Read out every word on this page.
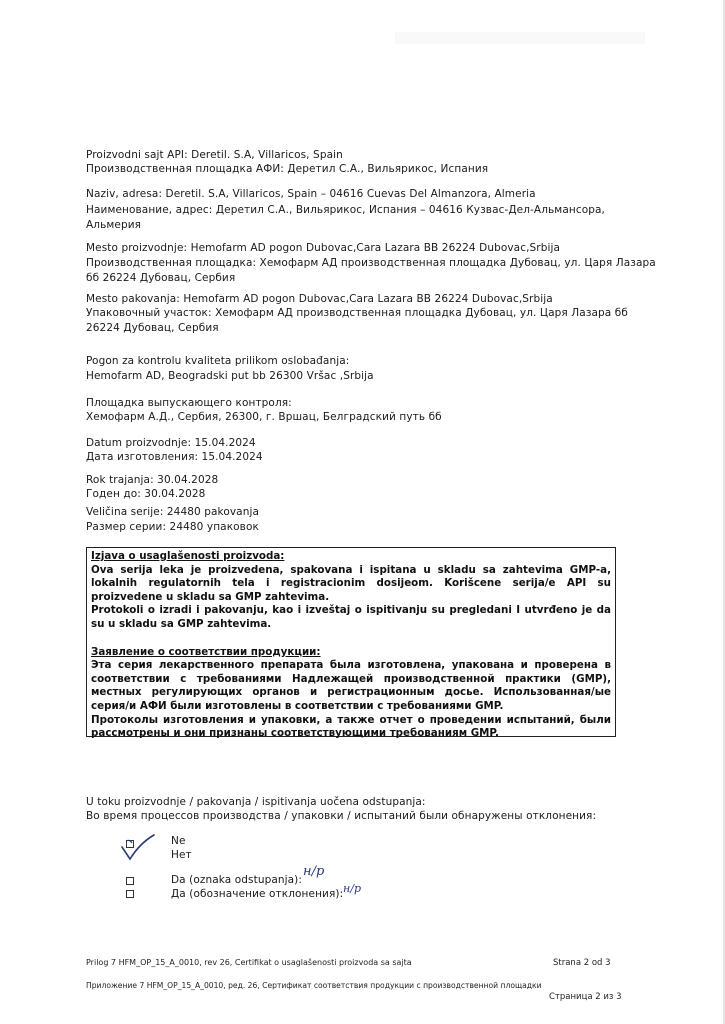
Proizvodni sajt API: Deretil. S.A, Villaricos, Spain
Производственная площадка АФИ: Деретил С.А., Вильярикос, Испания
Naziv, adresa: Deretil. S.A, Villaricos, Spain – 04616 Cuevas Del Almanzora, Almeria
Наименование, адрес: Деретил С.А., Вильярикос, Испания – 04616 Кузвас-Дел-Альмансора,
Альмерия
Mesto proizvodnje: Hemofarm AD pogon Dubovac,Cara Lazara BB 26224 Dubovac,Srbija
Производственная площадка: Хемофарм АД производственная площадка Дубовац, ул. Царя Лазара
бб 26224 Дубовац, Сербия
Mesto pakovanja: Hemofarm AD pogon Dubovac,Cara Lazara BB 26224 Dubovac,Srbija
Упаковочный участок: Хемофарм АД производственная площадка Дубовац, ул. Царя Лазара бб
26224 Дубовац, Сербия
Pogon za kontrolu kvaliteta prilikom oslobađanja:
Hemofarm AD, Beogradski put bb 26300 Vršac ,Srbija
Площадка выпускающего контроля:
Хемофарм А.Д., Сербия, 26300, г. Вршац, Белградский путь бб
Datum proizvodnje: 15.04.2024
Дата изготовления: 15.04.2024
Rok trajanja: 30.04.2028
Годен до: 30.04.2028
Veličina serije: 24480 pakovanja
Размер серии: 24480 упаковок

Izjava o usaglašenosti proizvoda:

Ova serija leka je proizvedena, spakovana i ispitana u skladu sa zahtevima GMP-a, lokalnih regulatornih tela i registracionim dosijeom. Korišcene serija/e API su proizvedene u skladu sa GMP zahtevima.

Protokoli o izradi i pakovanju, kao i izveštaj o ispitivanju su pregledani I utvrđeno je da su u skladu sa GMP zahtevima.

Заявление о соответствии продукции:

Эта серия лекарственного препарата была изготовлена, упакована и проверена в соответствии с требованиями Надлежащей производственной практики (GMP), местных регулирующих органов и регистрационным досье. Использованная/ые серия/и АФИ были изготовлены в соответствии с требованиями GMP.

Протоколы изготовления и упаковки, а также отчет о проведении испытаний, были рассмотрены и они признаны соответствующими требованиям GMP.

U toku proizvodnje / pakovanja / ispitivanja uočena odstupanja:
Во время процессов производства / упаковки / испытаний были обнаружены отклонения:
Ne
Нет
Da (oznaka odstupanja):
Да (обозначение отклонения):
н/р
н/р
Prilog 7 HFM_OP_15_A_0010, rev 26, Certifikat o usaglašenosti proizvoda sa sajta	Strana 2 od 3
Приложение 7 HFM_OP_15_A_0010, ред. 26, Сертификат соответствия продукции с производственной площадки
Страница 2 из 3
